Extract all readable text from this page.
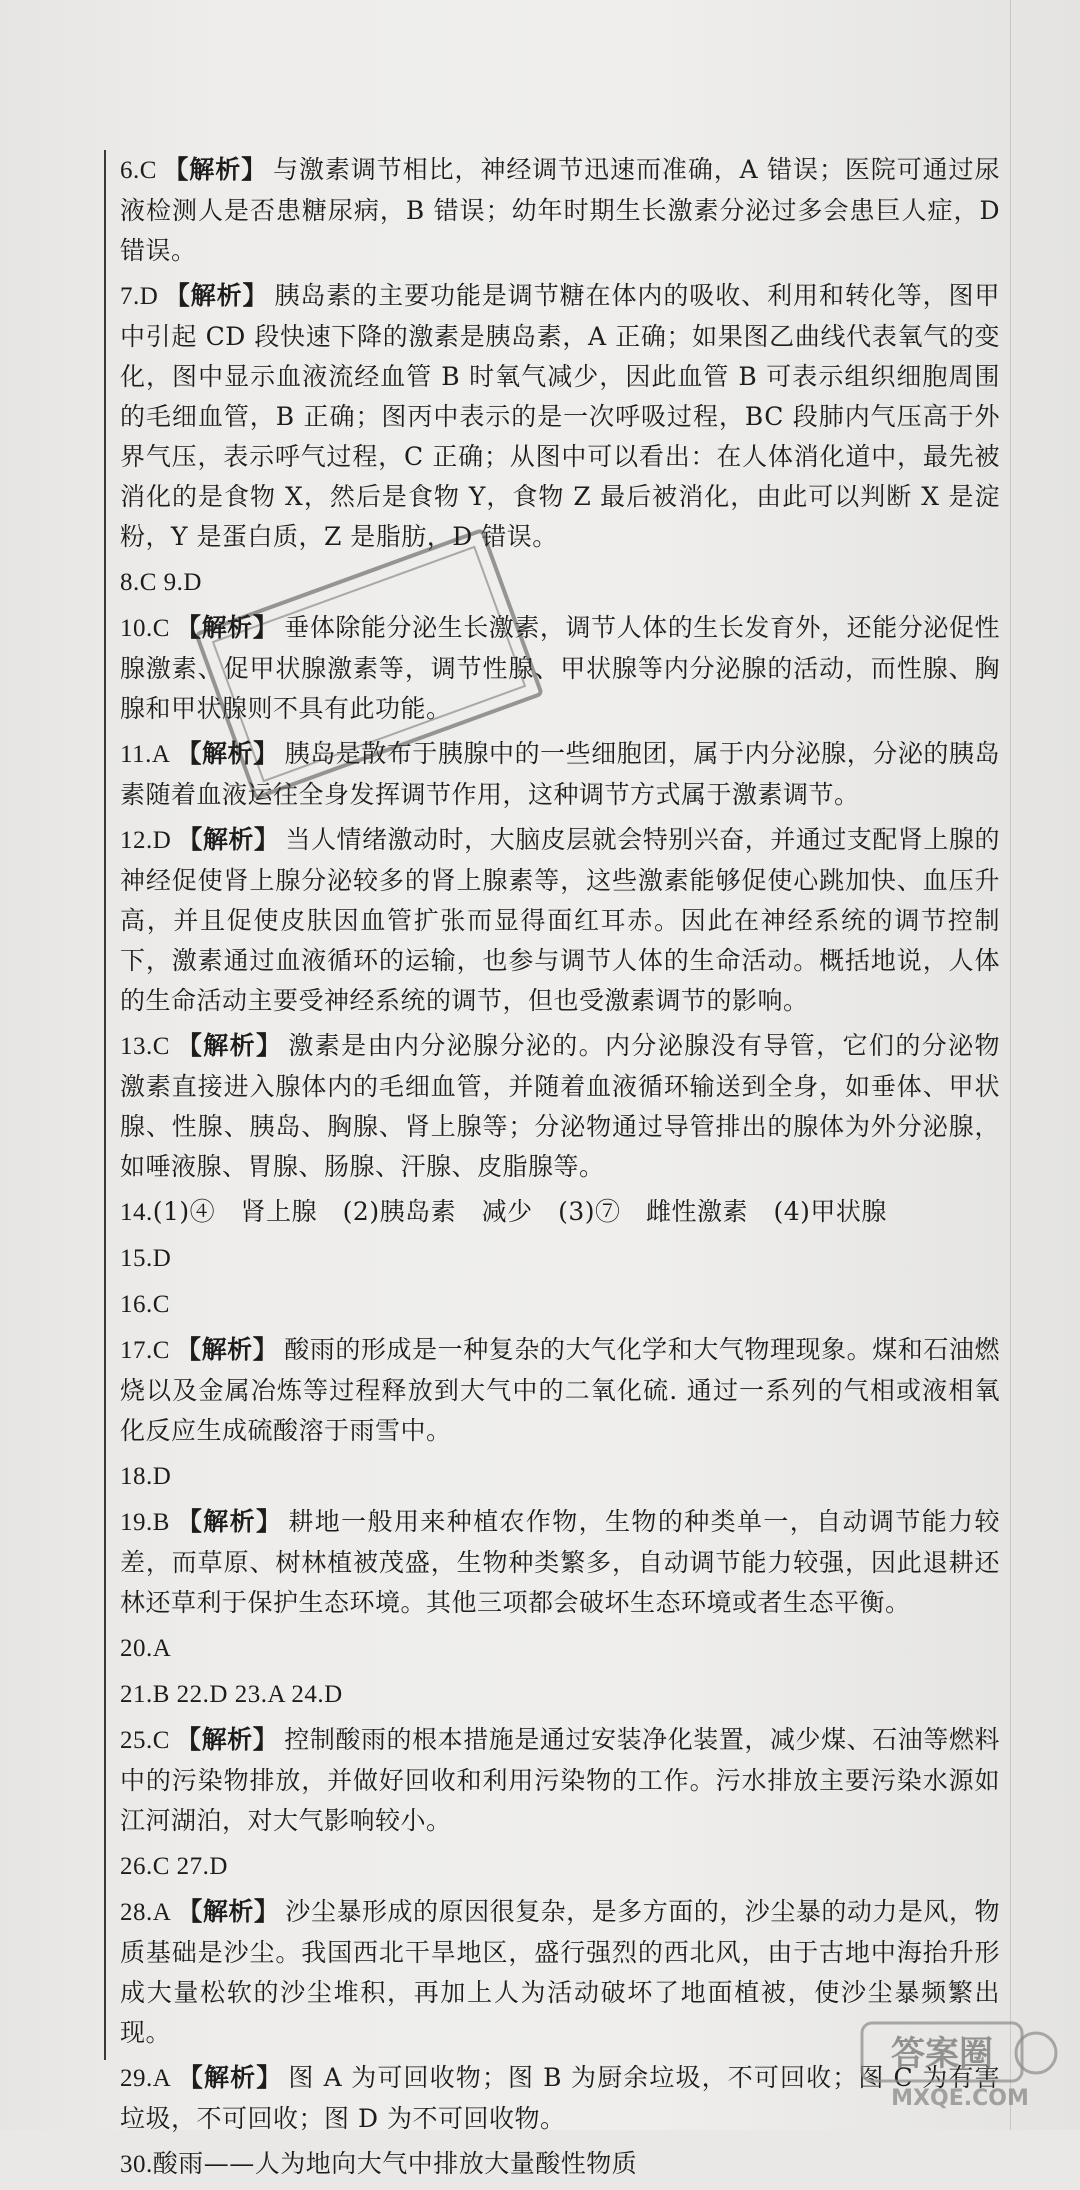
6.C 【解析】 与激素调节相比，神经调节迅速而准确，A 错误；医院可通过尿液检测人是否患糖尿病，B 错误；幼年时期生长激素分泌过多会患巨人症，D 错误。
7.D 【解析】 胰岛素的主要功能是调节糖在体内的吸收、利用和转化等，图甲中引起 CD 段快速下降的激素是胰岛素，A 正确；如果图乙曲线代表氧气的变化，图中显示血液流经血管 B 时氧气减少，因此血管 B 可表示组织细胞周围的毛细血管，B 正确；图丙中表示的是一次呼吸过程，BC 段肺内气压高于外界气压，表示呼气过程，C 正确；从图中可以看出：在人体消化道中，最先被消化的是食物 X，然后是食物 Y，食物 Z 最后被消化，由此可以判断 X 是淀粉，Y 是蛋白质，Z 是脂肪，D 错误。
8.C 9.D
10.C 【解析】 垂体除能分泌生长激素，调节人体的生长发育外，还能分泌促性腺激素、促甲状腺激素等，调节性腺、甲状腺等内分泌腺的活动，而性腺、胸腺和甲状腺则不具有此功能。
11.A 【解析】 胰岛是散布于胰腺中的一些细胞团，属于内分泌腺，分泌的胰岛素随着血液运往全身发挥调节作用，这种调节方式属于激素调节。
12.D 【解析】 当人情绪激动时，大脑皮层就会特别兴奋，并通过支配肾上腺的神经促使肾上腺分泌较多的肾上腺素等，这些激素能够促使心跳加快、血压升高，并且促使皮肤因血管扩张而显得面红耳赤。因此在神经系统的调节控制下，激素通过血液循环的运输，也参与调节人体的生命活动。概括地说，人体的生命活动主要受神经系统的调节，但也受激素调节的影响。
13.C 【解析】 激素是由内分泌腺分泌的。内分泌腺没有导管，它们的分泌物 激素直接进入腺体内的毛细血管，并随着血液循环输送到全身，如垂体、甲状腺、性腺、胰岛、胸腺、肾上腺等；分泌物通过导管排出的腺体为外分泌腺，如唾液腺、胃腺、肠腺、汗腺、皮脂腺等。
14.(1)④　肾上腺　(2)胰岛素　减少　(3)⑦　雌性激素　(4)甲状腺
15.D
16.C
17.C 【解析】 酸雨的形成是一种复杂的大气化学和大气物理现象。煤和石油燃烧以及金属冶炼等过程释放到大气中的二氧化硫. 通过一系列的气相或液相氧化反应生成硫酸溶于雨雪中。
18.D
19.B 【解析】 耕地一般用来种植农作物，生物的种类单一，自动调节能力较差，而草原、树林植被茂盛，生物种类繁多，自动调节能力较强，因此退耕还林还草利于保护生态环境。其他三项都会破坏生态环境或者生态平衡。
20.A
21.B 22.D 23.A 24.D
25.C 【解析】 控制酸雨的根本措施是通过安装净化装置，减少煤、石油等燃料中的污染物排放，并做好回收和利用污染物的工作。污水排放主要污染水源如江河湖泊，对大气影响较小。
26.C 27.D
28.A 【解析】 沙尘暴形成的原因很复杂，是多方面的，沙尘暴的动力是风，物质基础是沙尘。我国西北干旱地区，盛行强烈的西北风，由于古地中海抬升形成大量松软的沙尘堆积，再加上人为活动破坏了地面植被，使沙尘暴频繁出现。
29.A 【解析】 图 A 为可回收物；图 B 为厨余垃圾，不可回收；图 C 为有害垃圾，不可回收；图 D 为不可回收物。
30.酸雨——人为地向大气中排放大量酸性物质
答案圈
MXQE.COM
